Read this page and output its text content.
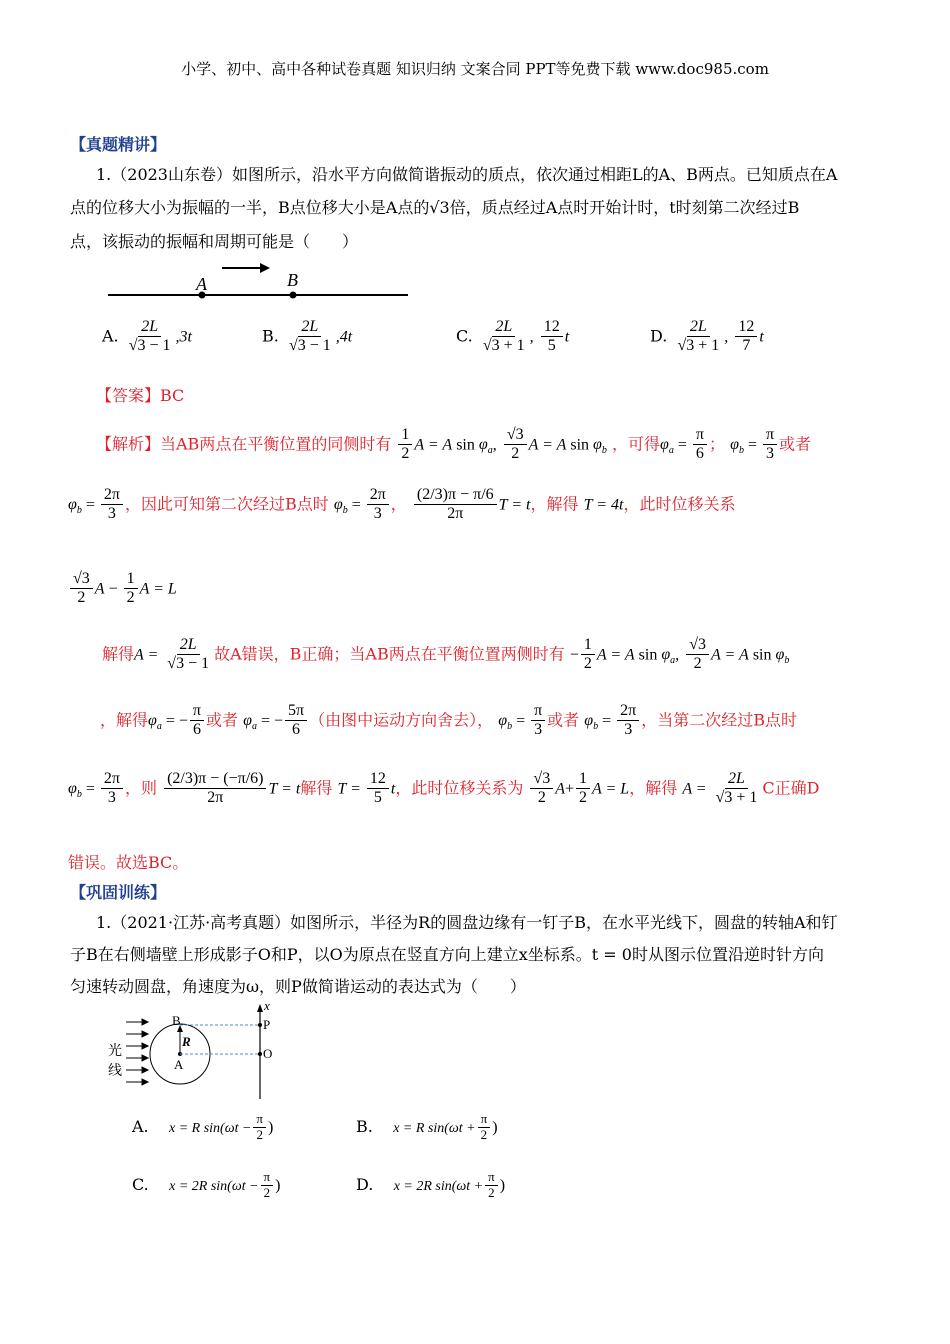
小学、初中、高中各种试卷真题 知识归纳 文案合同 PPT等免费下载 www.doc985.com
【真题精讲】
1.（2023山东卷）如图所示，沿水平方向做简谐振动的质点，依次通过相距L的A、B两点。已知质点在A
点的位移大小为振幅的一半，B点位移大小是A点的√3倍，质点经过A点时开始计时，t时刻第二次经过B
点，该振动的振幅和周期可能是（　　）
A	B
A. $\frac{2L}{√3 - 1} ,3t$	B. $\frac{2L}{√3 - 1} ,4t$	C. $\frac{2L}{√3 + 1}$ , $\frac{12}{5}$ t	D. $\frac{2L}{√3 + 1}$ , $\frac{12}{7}$ t
【答案】BC
【解析】当AB两点在平衡位置的同侧时有 $\frac{1}{2}$ A = A $\sin \varphi_a$, $\frac{√3}{2}$ A = A $\sin \varphi_b$ ，可得$\varphi_a = \frac{\pi}{6}$ ； $\varphi_b = \frac{\pi}{3}$ 或者
$\varphi_b = \frac{2\pi}{3}$ ，因此可知第二次经过B点时 $\varphi_b = \frac{2\pi}{3}$ ， $\frac{(2/3)\pi - \pi/6}{2\pi}$ T = t，解得 T = 4t，此时位移关系
$\frac{√3}{2}$ $A - \frac{1}{2}$ A = L
解得$A = \frac{2L}{√3 - 1}$ 故A错误，B正确；当AB两点在平衡位置两侧时有 − $\frac{1}{2}$ A = A $\sin \varphi_a$, $\frac{√3}{2}$ A = A $\sin \varphi_b$
，解得$\varphi_a$ = − $\frac{\pi}{6}$ 或者 $\varphi_a$ = − $\frac{5\pi}{6}$ （由图中运动方向舍去）， $\varphi_b = \frac{\pi}{3}$ 或者 $\varphi_b = \frac{2\pi}{3}$ ，当第二次经过B点时
$\varphi_b = \frac{2\pi}{3}$ ，则 $\frac{(2/3)\pi - (-\pi/6)}{2\pi}$ T = t解得 $T = \frac{12}{5}$ t，此时位移关系为 $\frac{√3}{2} A+ \frac{1}{2}$ A = L，解得 $A = \frac{2L}{√3 + 1}$ C正确D
错误。故选BC。
【巩固训练】
1.（2021·江苏·高考真题）如图所示，半径为R的圆盘边缘有一钉子B，在水平光线下，圆盘的转轴A和钉
子B在右侧墙壁上形成影子O和P，以O为原点在竖直方向上建立x坐标系。t = 0时从图示位置沿逆时针方向
匀速转动圆盘，角速度为ω，则P做简谐运动的表达式为（　　）
光
线
B
R
A
P
O
x
A. x = R $\sin(\omega t - \frac{\pi}{2}$ )	B. x = R $\sin(\omega t + \frac{\pi}{2}$ )
C. x = 2R $\sin(\omega t - \frac{\pi}{2}$ )	D. x = 2R $\sin(\omega t + \frac{\pi}{2}$ )
